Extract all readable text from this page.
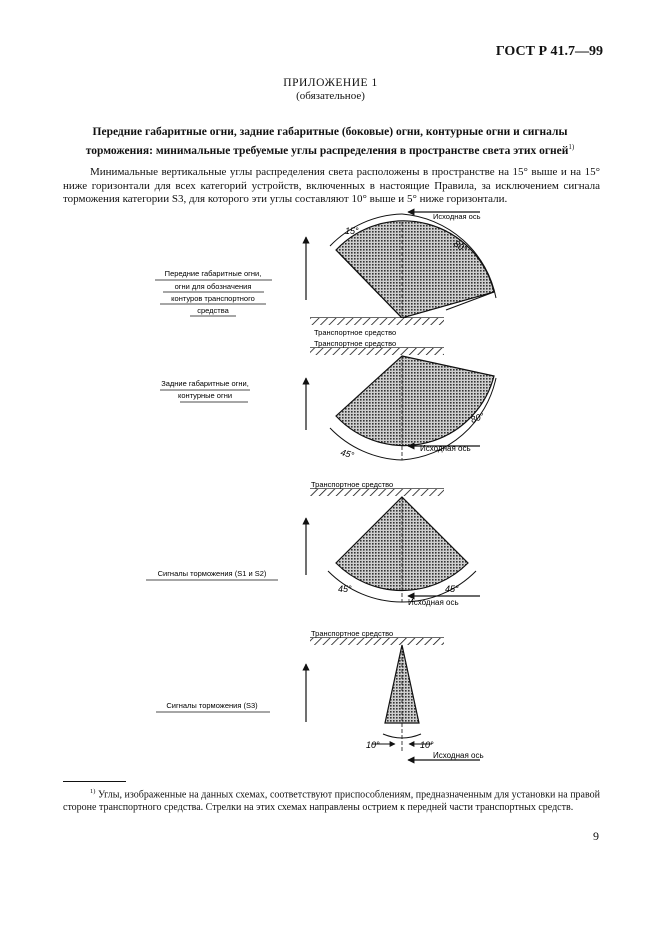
ГОСТ Р 41.7—99
ПРИЛОЖЕНИЕ 1
(обязательное)
Передние габаритные огни, задние габаритные (боковые) огни, контурные огни и сигналы
торможения: минимальные требуемые углы распределения в пространстве света этих огней$^{1)}$
Минимальные вертикальные углы распределения света расположены в пространстве на 15° выше и на 15° ниже горизонтали для всех категорий устройств, включенных в настоящие Правила, за исключением сигнала торможения категории S3, для которого эти углы составляют 10° выше и 5° ниже горизонтали.
Исходная ось
15°
80°
Транспортное средство
Передние габаритные огни,
огни для обозначения
контуров транспортного
средства
Транспортное средство
Исходная ось
80°
45°
Задние габаритные огни,
контурные огни
Транспортное средство
Исходная ось
45°	45°
Сигналы торможения (S1 и S2)
Транспортное средство
10°	10°
Исходная ось
Сигналы торможения (S3)
$^{1)}$ Углы, изображенные на данных схемах, соответствуют приспособлениям, предназначенным для установки на правой стороне транспортного средства. Стрелки на этих схемах направлены острием к передней части транспортных средств.
9
